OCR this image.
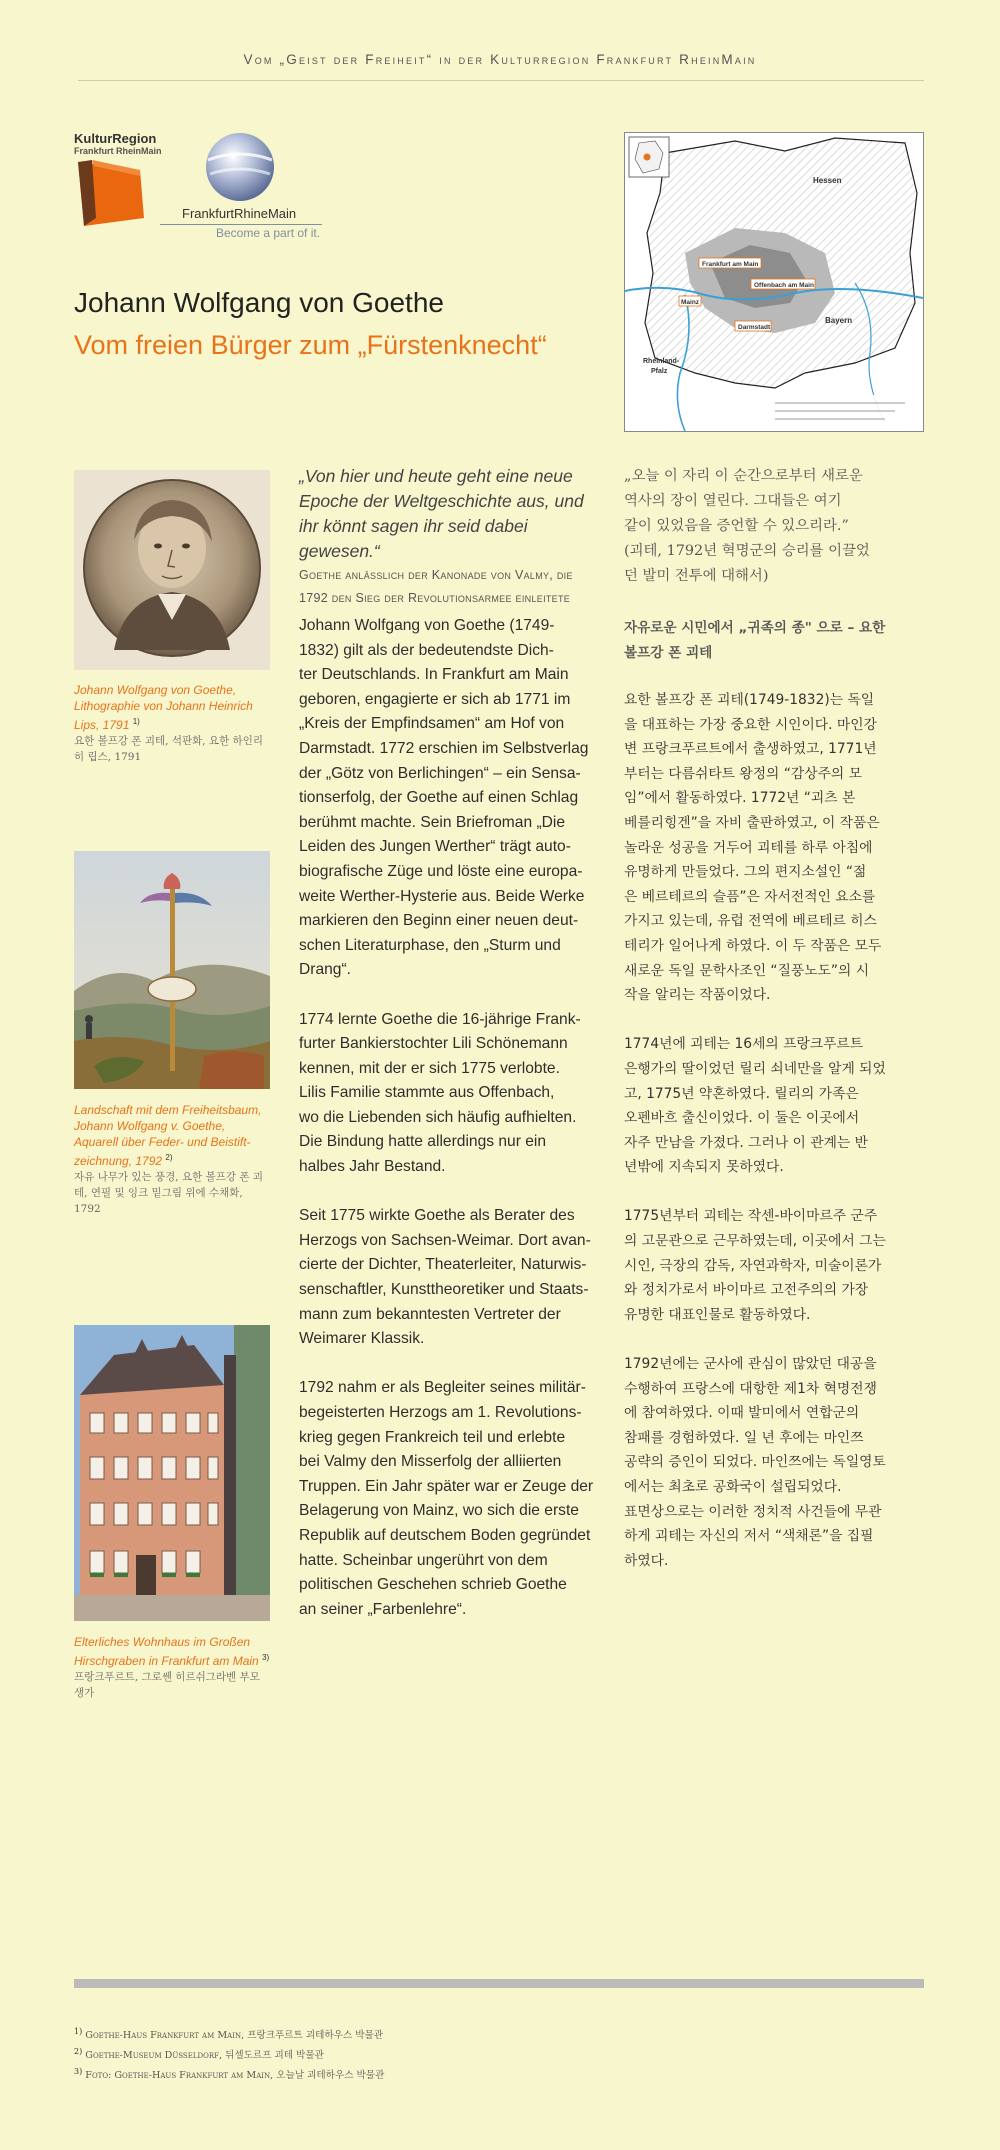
Vom „Geist der Freiheit“ in der Kulturregion Frankfurt RheinMain
KulturRegion
Frankfurt RheinMain
FrankfurtRhineMain
Become a part of it.
Hessen
Frankfurt am Main
Offenbach am Main
Mainz
Darmstadt
Bayern
Rheinland-
Pfalz
Johann Wolfgang von Goethe
Vom freien Bürger zum „Fürstenknecht“
Johann Wolfgang von Goethe, Lithographie von Johann Heinrich Lips, 1791 $^{1)}$
요한 볼프강 폰 괴테, 석판화, 요한 하인리히 립스, 1791
Landschaft mit dem Freiheitsbaum, Johann Wolfgang v. Goethe, Aquarell über Feder- und Beistift-zeichnung, 1792 $^{2)}$
자유 나무가 있는 풍경, 요한 볼프강 폰 괴테, 연필 및 잉크 밑그림 위에 수채화, 1792
Elterliches Wohnhaus im Großen Hirschgraben in Frankfurt am Main $^{3)}$
프랑크푸르트, 그로쎈 히르쉬그라벤 부모 생가
„Von hier und heute geht eine neue Epoche der Weltgeschichte aus, und ihr könnt sagen ihr seid dabei gewesen.“
Goethe anlässlich der Kanonade von Valmy, die 1792 den Sieg der Revolutionsarmee einleitete

Johann Wolfgang von Goethe (1749-
1832) gilt als der bedeutendste Dich-
ter Deutschlands. In Frankfurt am Main
geboren, engagierte er sich ab 1771 im
„Kreis der Empfindsamen“ am Hof von
Darmstadt. 1772 erschien im Selbstverlag
der „Götz von Berlichingen“ – ein Sensa-
tionserfolg, der Goethe auf einen Schlag
berühmt machte. Sein Briefroman „Die
Leiden des Jungen Werther“ trägt auto-
biografische Züge und löste eine europa-
weite Werther-Hysterie aus. Beide Werke
markieren den Beginn einer neuen deut-
schen Literaturphase, den „Sturm und
Drang“.

1774 lernte Goethe die 16-jährige Frank-
furter Bankierstochter Lili Schönemann
kennen, mit der er sich 1775 verlobte.
Lilis Familie stammte aus Offenbach,
wo die Liebenden sich häufig aufhielten.
Die Bindung hatte allerdings nur ein
halbes Jahr Bestand.

Seit 1775 wirkte Goethe als Berater des
Herzogs von Sachsen-Weimar. Dort avan-
cierte der Dichter, Theaterleiter, Naturwis-
senschaftler, Kunsttheoretiker und Staats-
mann zum bekanntesten Vertreter der
Weimarer Klassik.

1792 nahm er als Begleiter seines militär-
begeisterten Herzogs am 1. Revolutions-
krieg gegen Frankreich teil und erlebte
bei Valmy den Misserfolg der alliierten
Truppen. Ein Jahr später war er Zeuge der
Belagerung von Mainz, wo sich die erste
Republik auf deutschem Boden gegründet
hatte. Scheinbar ungerührt von dem
politischen Geschehen schrieb Goethe
an seiner „Farbenlehre“.

„오늘 이 자리 이 순간으로부터 새로운
역사의 장이 열린다. 그대들은 여기
같이 있었음을 증언할 수 있으리라.”
(괴테, 1792년 혁명군의 승리를 이끌었
던 발미 전투에 대해서)
자유로운 시민에서 „귀족의 종" 으로 – 요한
볼프강 폰 괴테

요한 볼프강 폰 괴테(1749-1832)는 독일
을 대표하는 가장 중요한 시인이다. 마인강
변 프랑크푸르트에서 출생하였고, 1771년
부터는 다름쉬타트 왕정의 “감상주의 모
임”에서 활동하였다. 1772년 “괴츠 본
베를리힝겐”을 자비 출판하였고, 이 작품은
놀라운 성공을 거두어 괴테를 하루 아침에
유명하게 만들었다. 그의 편지소설인 “젊
은 베르테르의 슬픔”은 자서전적인 요소를
가지고 있는데, 유럽 전역에 베르테르 히스
테리가 일어나게 하였다. 이 두 작품은 모두
새로운 독일 문학사조인 “질풍노도”의 시
작을 알리는 작품이었다.

1774년에 괴테는 16세의 프랑크푸르트
은행가의 딸이었던 릴리 쇠네만을 알게 되었
고, 1775년 약혼하였다. 릴리의 가족은
오펜바흐 출신이었다. 이 둘은 이곳에서
자주 만남을 가졌다. 그러나 이 관계는 반
년밖에 지속되지 못하였다.

1775년부터 괴테는 작센-바이마르주 군주
의 고문관으로 근무하였는데, 이곳에서 그는
시인, 극장의 감독, 자연과학자, 미술이론가
와 정치가로서 바이마르 고전주의의 가장
유명한 대표인물로 활동하였다.

1792년에는 군사에 관심이 많았던 대공을
수행하여 프랑스에 대항한 제1차 혁명전쟁
에 참여하였다. 이때 발미에서 연합군의
참패를 경험하였다. 일 년 후에는 마인쯔
공략의 증인이 되었다. 마인쯔에는 독일영토
에서는 최초로 공화국이 설립되었다.
표면상으로는 이러한 정치적 사건들에 무관
하게 괴테는 자신의 저서 “색채론”을 집필
하였다.

$^{1)}$ Goethe-Haus Frankfurt am Main, 프랑크푸르트 괴테하우스 박물관
$^{2)}$ Goethe-Museum Düsseldorf, 뒤셀도르프 괴테 박물관
$^{3)}$ Foto: Goethe-Haus Frankfurt am Main, 오늘날 괴테하우스 박물관
